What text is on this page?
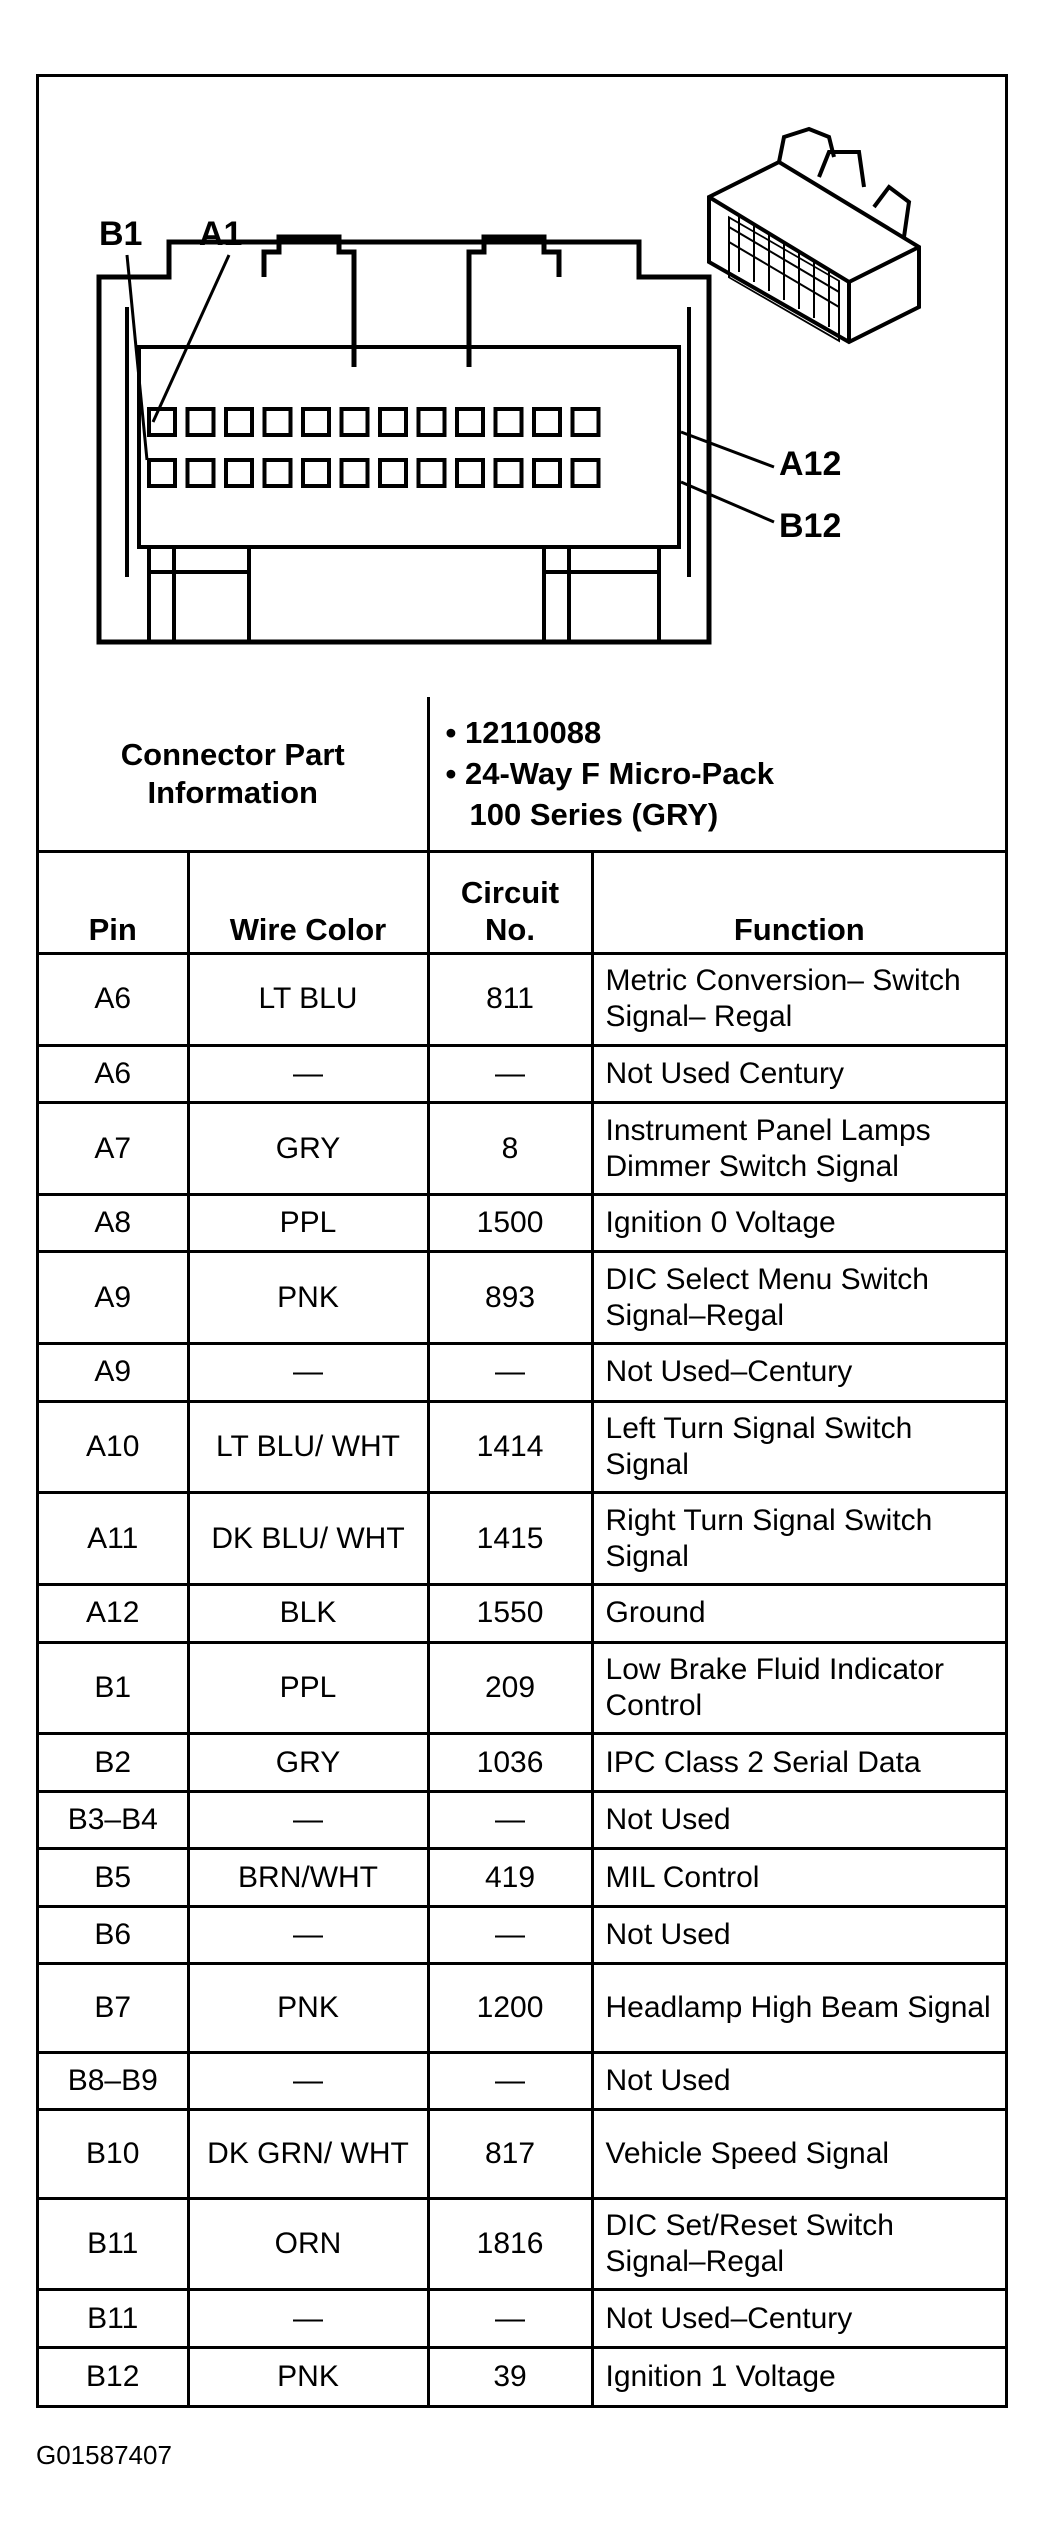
B1 A1
A12
B12
Connector Part Information		• 12110088
• 24-Way F Micro-Pack
100 Series (GRY)	

Pin	Wire Color	Circuit No.	Function
A6	LT BLU	811	Metric Conversion– Switch Signal– Regal
A6	—	—	Not Used Century
A7	GRY	8	Instrument Panel Lamps Dimmer Switch Signal
A8	PPL	1500	Ignition 0 Voltage
A9	PNK	893	DIC Select Menu Switch Signal–Regal
A9	—	—	Not Used–Century
A10	LT BLU/ WHT	1414	Left Turn Signal Switch Signal
A11	DK BLU/ WHT	1415	Right Turn Signal Switch Signal
A12	BLK	1550	Ground
B1	PPL	209	Low Brake Fluid Indicator Control
B2	GRY	1036	IPC Class 2 Serial Data
B3–B4	—	—	Not Used
B5	BRN/WHT	419	MIL Control
B6	—	—	Not Used
B7	PNK	1200	Headlamp High Beam Signal
B8–B9	—	—	Not Used
B10	DK GRN/ WHT	817	Vehicle Speed Signal
B11	ORN	1816	DIC Set/Reset Switch Signal–Regal
B11	—	—	Not Used–Century
B12	PNK	39	Ignition 1 Voltage
G01587407
